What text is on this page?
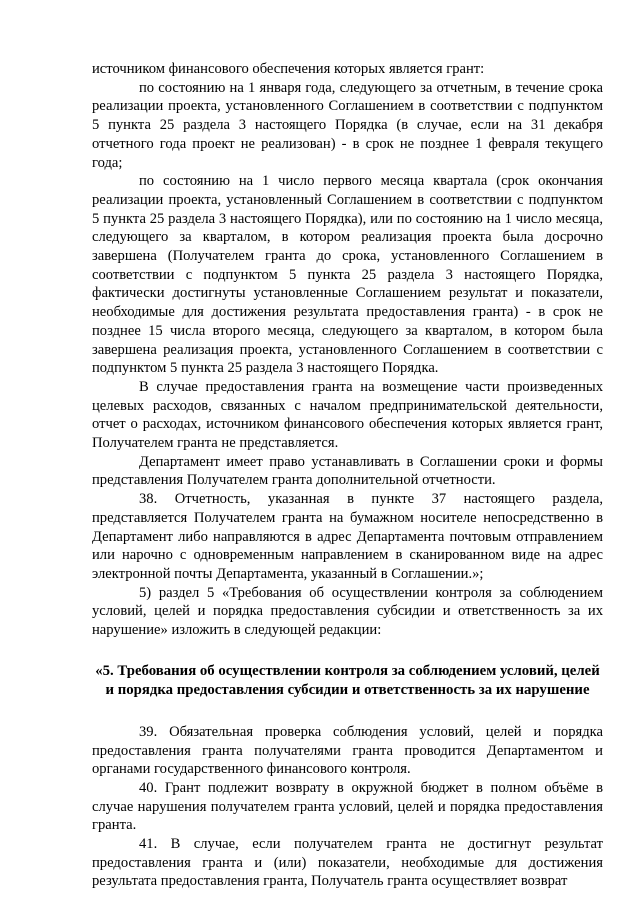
источником финансового обеспечения которых является грант:

по состоянию на 1 января года, следующего за отчетным, в течение срока реализации проекта, установленного Соглашением в соответствии с подпунктом 5 пункта 25 раздела 3 настоящего Порядка (в случае, если на 31 декабря отчетного года проект не реализован) - в срок не позднее 1 февраля текущего года;

по состоянию на 1 число первого месяца квартала (срок окончания реализации проекта, установленный Соглашением в соответствии с подпунктом 5 пункта 25 раздела 3 настоящего Порядка), или по состоянию на 1 число месяца, следующего за кварталом, в котором реализация проекта была досрочно завершена (Получателем гранта до срока, установленного Соглашением в соответствии с подпунктом 5 пункта 25 раздела 3 настоящего Порядка, фактически достигнуты установленные Соглашением результат и показатели, необходимые для достижения результата предоставления гранта) - в срок не позднее 15 числа второго месяца, следующего за кварталом, в котором была завершена реализация проекта, установленного Соглашением в соответствии с подпунктом 5 пункта 25 раздела 3 настоящего Порядка.

В случае предоставления гранта на возмещение части произведенных целевых расходов, связанных с началом предпринимательской деятельности, отчет о расходах, источником финансового обеспечения которых является грант, Получателем гранта не представляется.

Департамент имеет право устанавливать в Соглашении сроки и формы представления Получателем гранта дополнительной отчетности.

38. Отчетность, указанная в пункте 37 настоящего раздела, представляется Получателем гранта на бумажном носителе непосредственно в Департамент либо направляются в адрес Департамента почтовым отправлением или нарочно с одновременным направлением в сканированном виде на адрес электронной почты Департамента, указанный в Соглашении.»;

5) раздел 5 «Требования об осуществлении контроля за соблюдением условий, целей и порядка предоставления субсидии и ответственность за их нарушение» изложить в следующей редакции:

«5. Требования об осуществлении контроля за соблюдением условий, целей и порядка предоставления субсидии и ответственность за их нарушение

39. Обязательная проверка соблюдения условий, целей и порядка предоставления гранта получателями гранта проводится Департаментом и органами государственного финансового контроля.

40. Грант подлежит возврату в окружной бюджет в полном объёме в случае нарушения получателем гранта условий, целей и порядка предоставления гранта.

41. В случае, если получателем гранта не достигнут результат предоставления гранта и (или) показатели, необходимые для достижения результата предоставления гранта, Получатель гранта осуществляет возврат
